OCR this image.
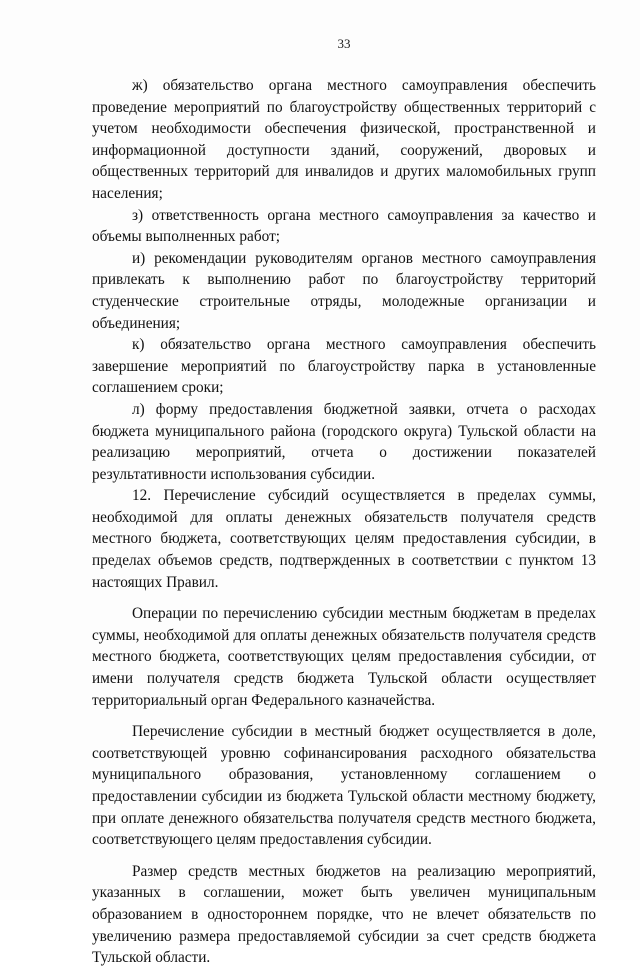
33

ж) обязательство органа местного самоуправления обеспечить проведение мероприятий по благоустройству общественных территорий с учетом необходимости обеспечения физической, пространственной и информационной доступности зданий, сооружений, дворовых и общественных территорий для инвалидов и других маломобильных групп населения;

з) ответственность органа местного самоуправления за качество и объемы выполненных работ;

и) рекомендации руководителям органов местного самоуправления привлекать к выполнению работ по благоустройству территорий студенческие строительные отряды, молодежные организации и объединения;

к) обязательство органа местного самоуправления обеспечить завершение мероприятий по благоустройству парка в установленные соглашением сроки;

л) форму предоставления бюджетной заявки, отчета о расходах бюджета муниципального района (городского округа) Тульской области на реализацию мероприятий, отчета о достижении показателей результативности использования субсидии.

12. Перечисление субсидий осуществляется в пределах суммы, необходимой для оплаты денежных обязательств получателя средств местного бюджета, соответствующих целям предоставления субсидии, в пределах объемов средств, подтвержденных в соответствии с пунктом 13 настоящих Правил.

Операции по перечислению субсидии местным бюджетам в пределах суммы, необходимой для оплаты денежных обязательств получателя средств местного бюджета, соответствующих целям предоставления субсидии, от имени получателя средств бюджета Тульской области осуществляет территориальный орган Федерального казначейства.

Перечисление субсидии в местный бюджет осуществляется в доле, соответствующей уровню софинансирования расходного обязательства муниципального образования, установленному соглашением о предоставлении субсидии из бюджета Тульской области местному бюджету, при оплате денежного обязательства получателя средств местного бюджета, соответствующего целям предоставления субсидии.

Размер средств местных бюджетов на реализацию мероприятий, указанных в соглашении, может быть увеличен муниципальным образованием в одностороннем порядке, что не влечет обязательств по увеличению размера предоставляемой субсидии за счет средств бюджета Тульской области.
